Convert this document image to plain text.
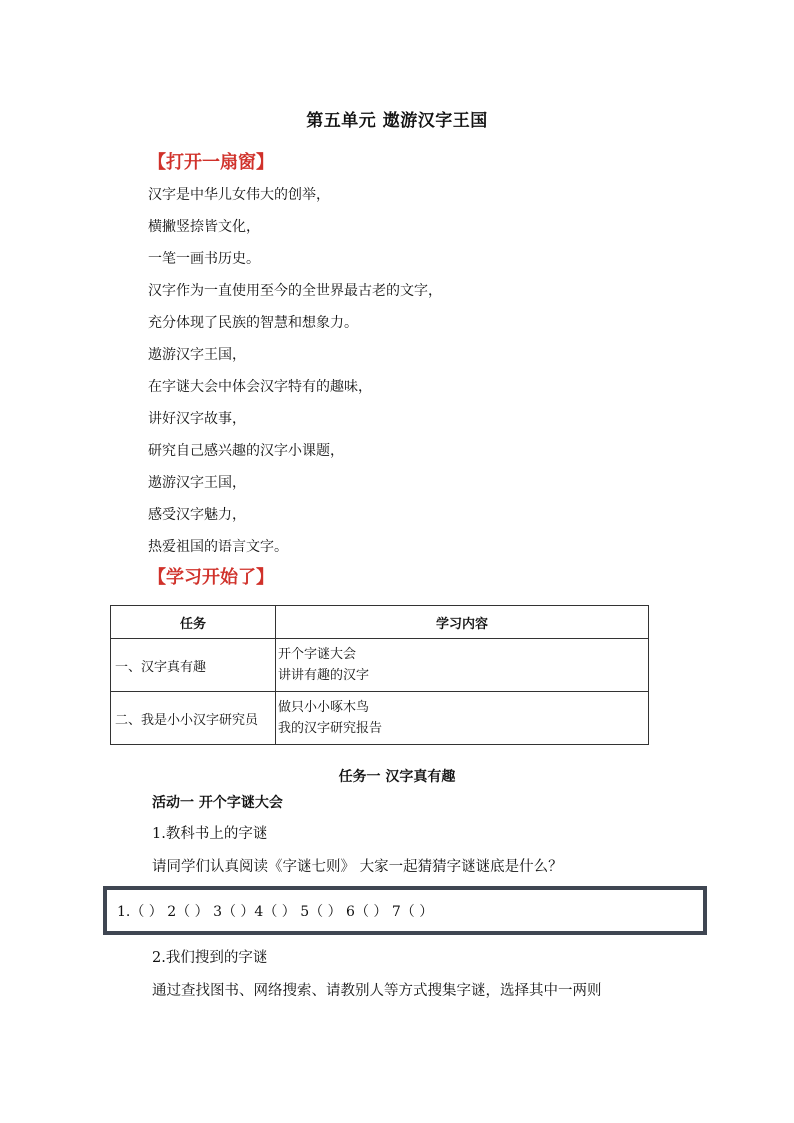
第五单元 遨游汉字王国
【打开一扇窗】
汉字是中华儿女伟大的创举，
横撇竖捺皆文化，
一笔一画书历史。
汉字作为一直使用至今的全世界最古老的文字，
充分体现了民族的智慧和想象力。
遨游汉字王国，
在字谜大会中体会汉字特有的趣味，
讲好汉字故事，
研究自己感兴趣的汉字小课题，
遨游汉字王国，
感受汉字魅力，
热爱祖国的语言文字。
【学习开始了】
任务	学习内容
一、汉字真有趣	开个字谜大会
讲讲有趣的汉字

二、我是小小汉字研究员	做只小小啄木鸟
我的汉字研究报告
任务一 汉字真有趣
活动一 开个字谜大会
1.教科书上的字谜
请同学们认真阅读《字谜七则》 大家一起猜猜字谜谜底是什么？
1.（ ） 2（ ） 3（ ）4（ ） 5（ ） 6（ ） 7（ ）
2.我们搜到的字谜
通过查找图书、网络搜索、请教别人等方式搜集字谜，选择其中一两则
